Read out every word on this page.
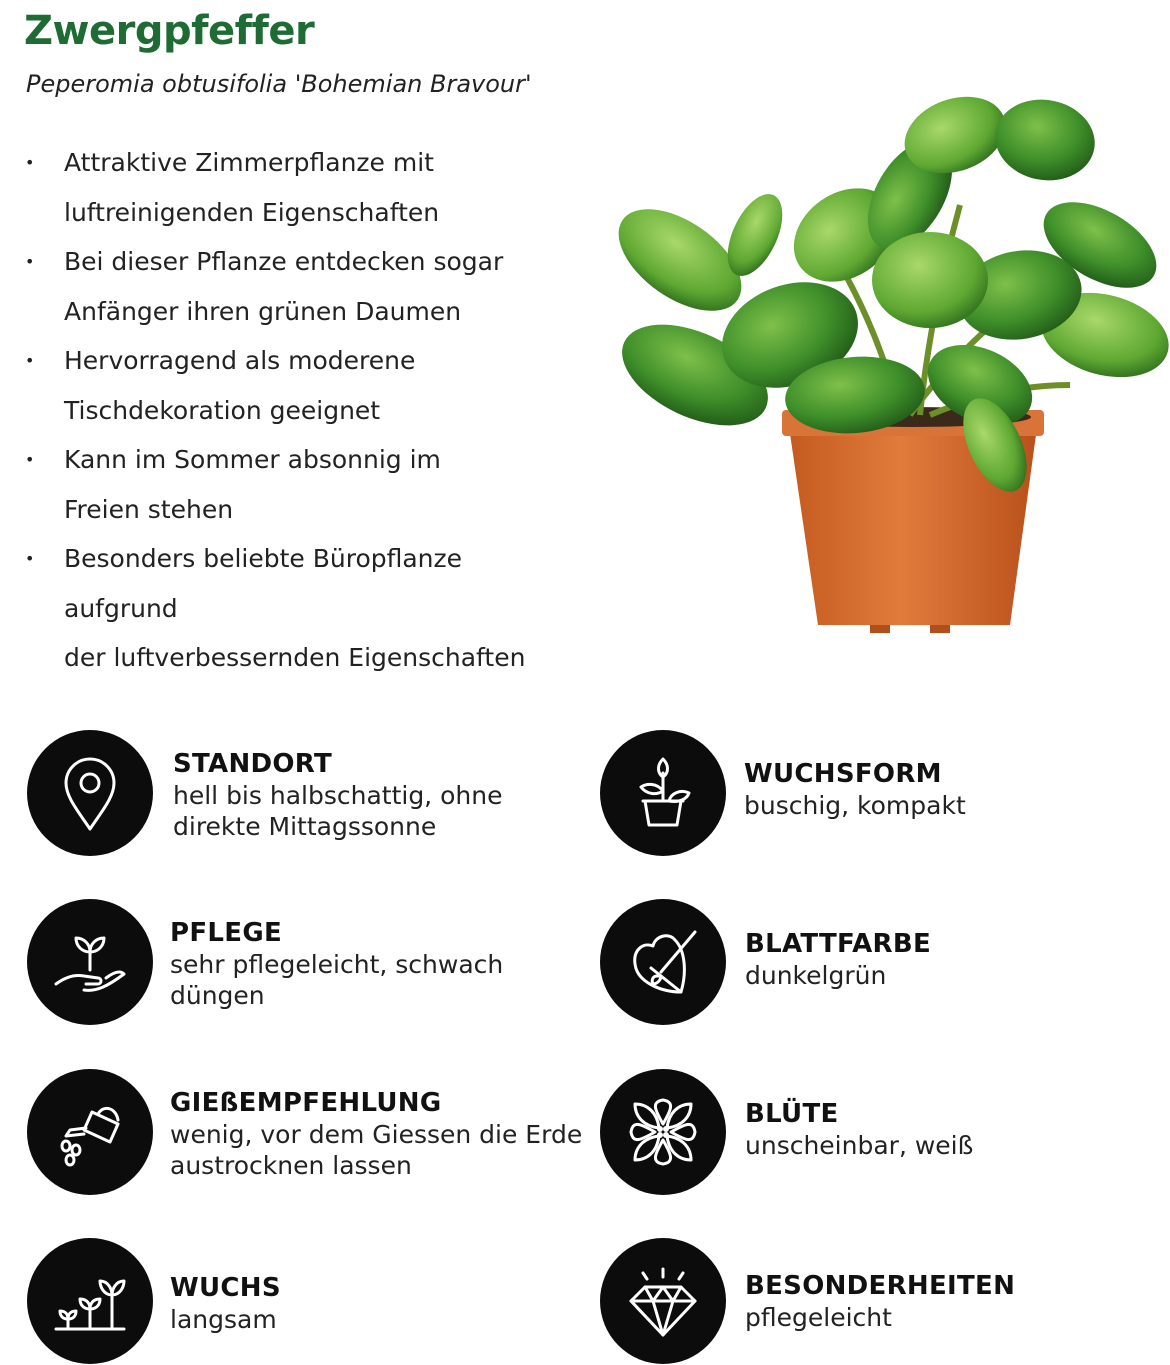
Zwergpfeffer
Peperomia obtusifolia 'Bohemian Bravour'
• Attraktive Zimmerpflanze mit
luftreinigenden Eigenschaften
• Bei dieser Pflanze entdecken sogar
Anfänger ihren grünen Daumen
• Hervorragend als moderene
Tischdekoration geeignet
• Kann im Sommer absonnig im
Freien stehen
• Besonders beliebte Büropflanze aufgrund
der luftverbessernden Eigenschaften
STANDORT
hell bis halbschattig, ohne
direkte Mittagssonne
PFLEGE
sehr pflegeleicht, schwach
düngen
GIEßEMPFEHLUNG
wenig, vor dem Giessen die Erde
austrocknen lassen
WUCHS
langsam
WUCHSFORM
buschig, kompakt
BLATTFARBE
dunkelgrün
BLÜTE
unscheinbar, weiß
BESONDERHEITEN
pflegeleicht
